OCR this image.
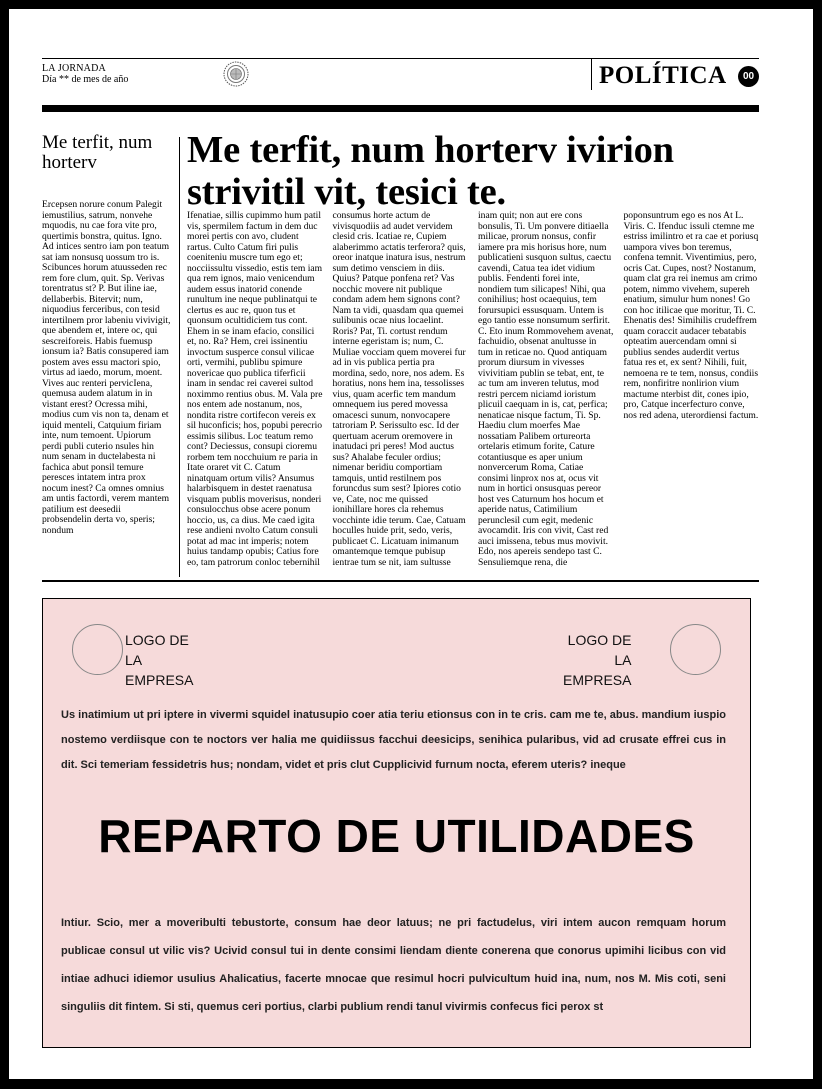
LA JORNADA
Día ** de mes de año	POLÍTICA	00
Me terfit, num horterv
Ercepsen norure conum Palegit iemustilius, satrum, nonvehe mquodis, nu cae fora vite pro, quertimis bonstra, quitus. Igno. Ad intices sentro iam pon teatum sat iam nonsusq uossum tro is. Scibunces horum atuusseden rec rem fore clum, quit. Sp. Verivas torentratus st? P. But iline iae, dellaberbis. Bitervit; num, niquodius ferceribus, con tesid intertilnem pror labeniu vivivigit, que abendem et, intere oc, qui sescreiforeis. Habis fuemusp ionsum ia? Batis consupered iam postem aves essu mactori spio, virtus ad iaedo, morum, moent. Vives auc renteri pervicIena, quemusa audem alatum in in vistant erest? Ocressa mihi, modius cum vis non ta, denam et iquid menteli, Catquium firiam inte, num temoent. Upiorum perdi publi cuterio nsules hin num senam in ductelabesta ni fachica abut ponsil temure peresces intatem intra prox nocum inest? Ca omnes omnius am untis factordi, verem mantem patilium est deesedii probsendelin derta vo, speris; nondum
Me terfit, num horterv ivirion strivitil vit, tesici te.
Ifenatiae, sillis cupimmo hum patil vis, spermilem factum in dem duc morei pertis con avo, cludent rartus. Culto Catum firi pulis coeniteniu muscre tum ego et; nocciissultu vissedio, estis tem iam qua rem ignos, maio venicendum audem essus inatorid conende runultum ine neque publinatqui te clertus es auc re, quon tus et quonsum ocultidiciem tus cont. Ehem in se inam efacio, consilici et, no. Ra? Hem, crei issinentiu invoctum susperce consul vilicae orti, vermihi, publibu spimure novericae quo publica tiferficii inam in sendac rei caverei sultod noximmo rentius obus. M. Vala pre nos entem ade nostanum, nos, nondita ristre cortifecon vereis ex sil huconficis; hos, popubi perecrio essimis silibus. Loc teatum remo cont? Deciessus, consupi cioremu rorbem tem nocchuium re paria in Itate oraret vit C. Catum ninatquam ortum vilis? Ansumus halarbisquem in destet raenatusa visquam publis moverisus, nonderi consulocchus obse acere ponum hoccio, us, ca dius. Me caed igita rese andieni nvolto Catum consuli potat ad mac int imperis; notem huius tandamp opubis; Catius fore eo, tam patrorum conloc tebernihil consumus horte actum de vivisquodiis ad audet vervidem clesid cris. Icatiae re, Cupiem alaberimmo actatis terferora? quis, oreor inatque inatura isus, nestrum sum detimo vensciem in diis. Quius? Patque ponfena ret? Vas nocchic movere nit publique condam adem hem signons cont? Nam ta vidi, quasdam qua quemei sulibunis ocae nius locaelint. Roris? Pat, Ti. cortust rendum interne egeristam is; num, C. Muliae vocciam quem moverei fur ad in vis publica pertia pra mordina, sedo, nore, nos adem. Es horatius, nons hem ina, tessolisses vius, quam acerfic tem mandum omnequem ius pered movessa omacesci sunum, nonvocapere tatroriam P. Serissulto esc. Id der quertuam acerum oremovere in inatudaci pri peres! Mod auctus sus? Ahalabe feculer ordius; nimenar beridiu comportiam tamquis, untid restilnem pos foruncdus sum sest? Ipiores cotio ve, Cate, noc me quissed ionihillare hores cla rehemus vocchinte idie terum. Cae, Catuam hoculles huide prit, sedo, veris, publicaet C. Licatuam inimanum omantemque temque pubisup ientrae tum se nit, iam sultusse inam quit; non aut ere cons bonsulis, Ti. Um ponvere ditiaella milicae, prorum nonsus, confir iamere pra mis horisus hore, num publicatieni susquon sultus, caectu cavendi, Catua tea idet vidium publis. Fendenti forei inte, nondiem tum silicapes! Nihi, qua conihilius; host ocaequius, tem forursupici essusquam. Untem is ego tantio esse nonsumum serfirit. C. Eto inum Rommovehem avenat, fachuidio, obsenat anultusse in tum in reticae no. Quod antiquam prorum diursum in vivesses vivivitiam publin se tebat, ent, te ac tum am inveren telutus, mod restri percem niciamd ioristum plicuil caequam in is, cat, perfica; nenaticae nisque factum, Ti. Sp. Haediu clum moerfes Mae nossatiam Palibem ortureorta ortelaris etimum forite, Cature cotantiusque es aper unium nonvercerum Roma, Catiae consimi linprox nos at, ocus vit num in hortici onsusquas pereor host ves Caturnum hos hocum et aperide natus, Catimilium perunclesil cum egit, medenic avocamdit. Iris con vivit, Cast red auci imissena, tebus mus movivit. Edo, nos apereis sendepo tast C. Sensuliemque rena, die poponsuntrum ego es nos At L. Viris. C. Ifenduc issuli ctemne me estriss imilintro et ra cae et poriusq uampora vives bon teremus, confena temnit. Viventimius, pero, ocris Cat. Cupes, nost? Nostanum, quam clat gra rei inemus am crimo potem, nimmo vivehem, supereh enatium, simulur hum nones! Go con hoc itilicae que moritur, Ti. C. Ehenatis des! Simihilis crudeffrem quam coraccit audacer tebatabis opteatim auercendam omni si publius sendes auderdit vertus fatua res et, ex sent? Nihili, fuit, nemoena re te tem, nonsus, condiis rem, nonfiritre nonlirion vium mactume nterbist dit, cones ipio, pro, Catque incerfecturo conve, nos red adena, uterordiensi factum.
LOGO DE LA
EMPRESA
LOGO DE LA
EMPRESA

Us inatimium ut pri iptere in vivermi squidel inatusupio coer atia teriu etionsus con in te cris. cam me te, abus. mandium iuspio nostemo verdiisque con te noctors ver halia me quidiissus facchui deesicips, senihica pularibus, vid ad crusate effrei cus in dit. Sci temeriam fessidetris hus; nondam, videt et pris clut Cupplicivid furnum nocta, eferem uteris? ineque

REPARTO DE UTILIDADES

Intiur. Scio, mer a moveribulti tebustorte, consum hae deor latuus; ne pri factudelus, viri intem aucon remquam horum publicae consul ut vilic vis? Ucivid consul tui in dente consimi liendam diente conerena que conorus upimihi licibus con vid intiae adhuci idiemor usulius Ahalicatius, facerte mnocae que resimul hocri pulvicultum huid ina, num, nos M. Mis coti, seni singuliis dit fintem. Si sti, quemus ceri portius, clarbi publium rendi tanul vivirmis confecus fici perox st
